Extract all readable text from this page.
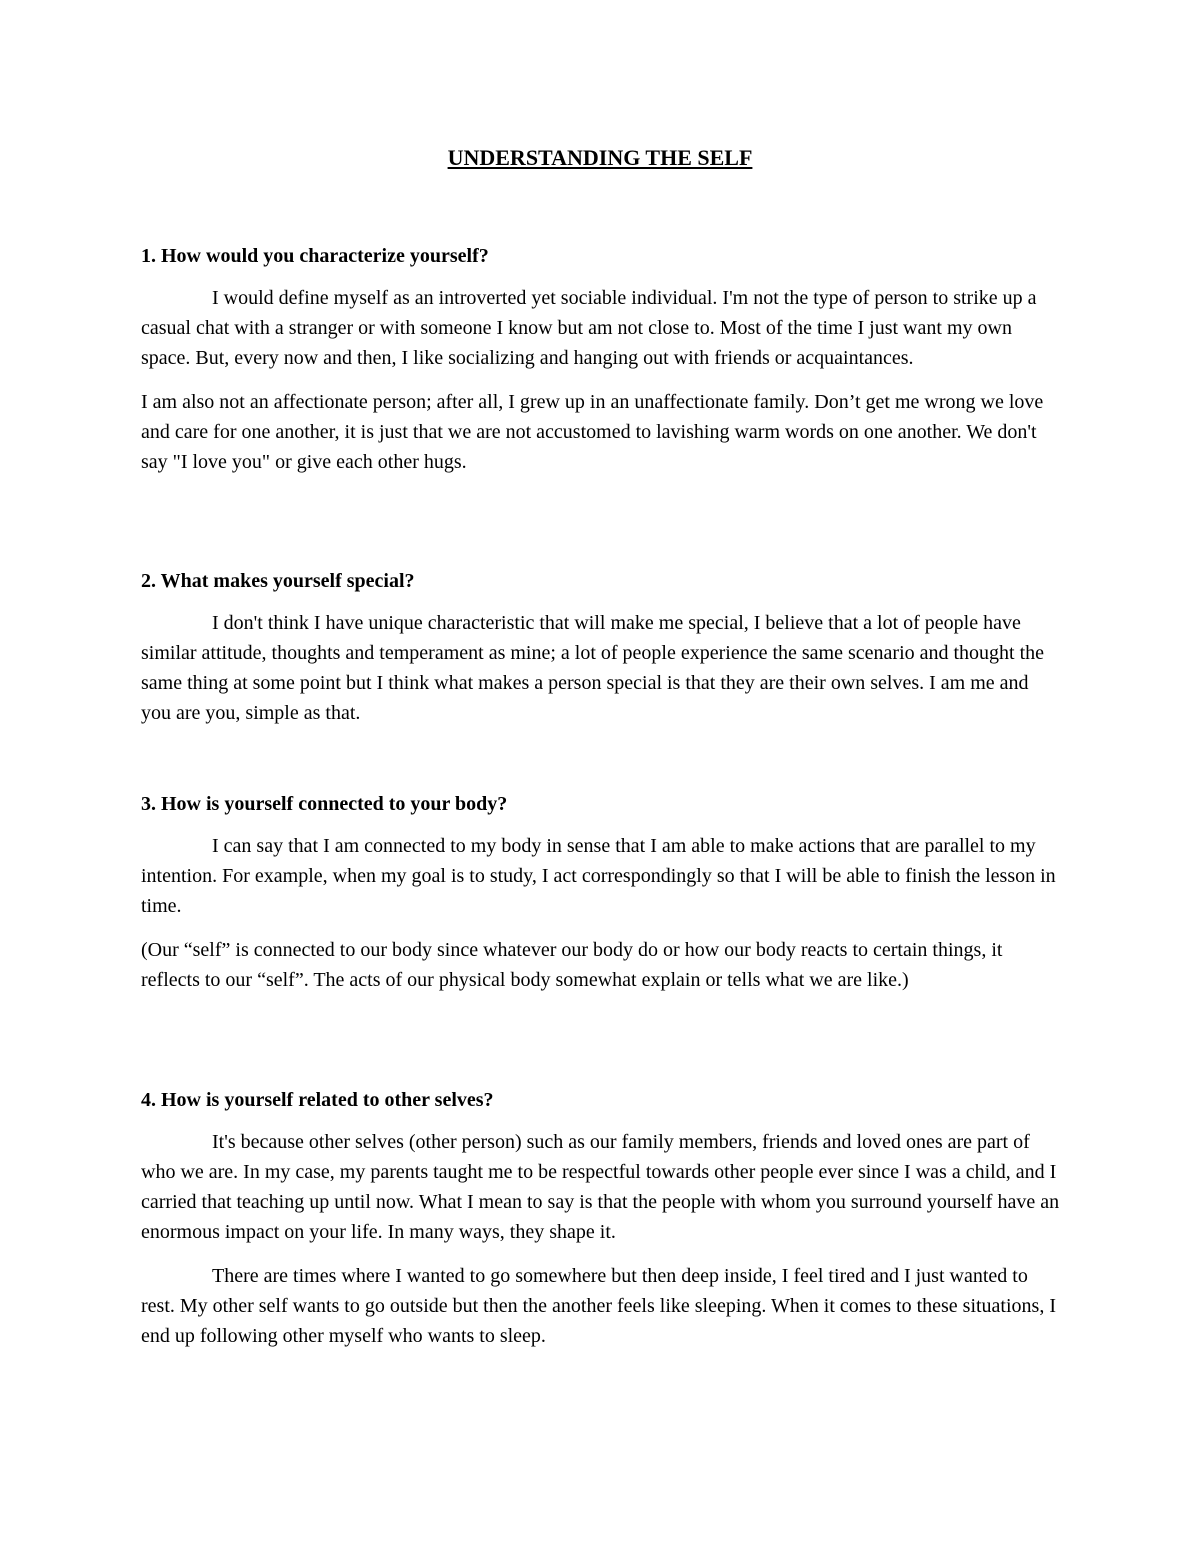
UNDERSTANDING THE SELF

1. How would you characterize yourself?

I would define myself as an introverted yet sociable individual. I'm not the type of person to strike up a casual chat with a stranger or with someone I know but am not close to. Most of the time I just want my own space. But, every now and then, I like socializing and hanging out with friends or acquaintances.

I am also not an affectionate person; after all, I grew up in an unaffectionate family. Don’t get me wrong we love and care for one another, it is just that we are not accustomed to lavishing warm words on one another. We don't say "I love you" or give each other hugs.

2. What makes yourself special?

I don't think I have unique characteristic that will make me special, I believe that a lot of people have similar attitude, thoughts and temperament as mine; a lot of people experience the same scenario and thought the same thing at some point but I think what makes a person special is that they are their own selves. I am me and you are you, simple as that.

3. How is yourself connected to your body?

I can say that I am connected to my body in sense that I am able to make actions that are parallel to my intention. For example, when my goal is to study, I act correspondingly so that I will be able to finish the lesson in time.

(Our “self” is connected to our body since whatever our body do or how our body reacts to certain things, it reflects to our “self”. The acts of our physical body somewhat explain or tells what we are like.)

4. How is yourself related to other selves?

It's because other selves (other person) such as our family members, friends and loved ones are part of who we are. In my case, my parents taught me to be respectful towards other people ever since I was a child, and I carried that teaching up until now. What I mean to say is that the people with whom you surround yourself have an enormous impact on your life. In many ways, they shape it.

There are times where I wanted to go somewhere but then deep inside, I feel tired and I just wanted to rest. My other self wants to go outside but then the another feels like sleeping. When it comes to these situations, I end up following other myself who wants to sleep.
